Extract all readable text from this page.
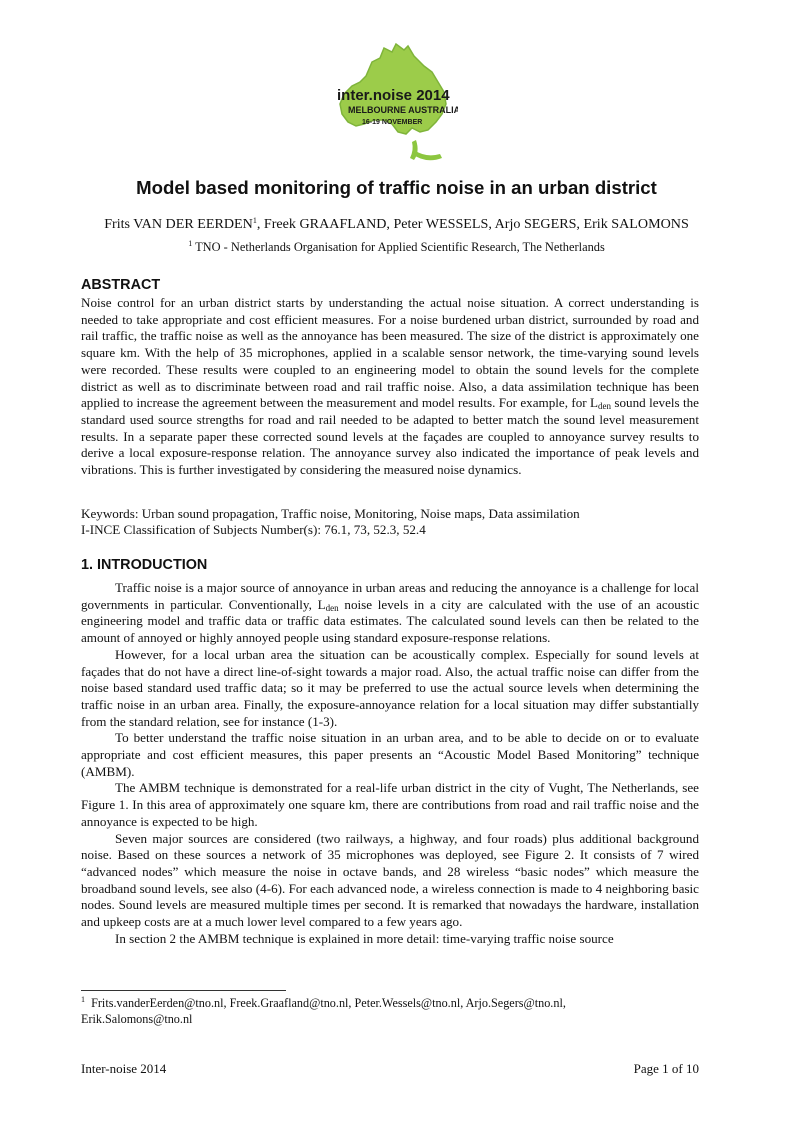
inter.noise 2014
MELBOURNE AUSTRALIA
16-19 NOVEMBER
Model based monitoring of traffic noise in an urban district
Frits VAN DER EERDEN$^1$, Freek GRAAFLAND, Peter WESSELS, Arjo SEGERS, Erik SALOMONS
$^1$ TNO - Netherlands Organisation for Applied Scientific Research, The Netherlands
ABSTRACT
Noise control for an urban district starts by understanding the actual noise situation. A correct understanding is needed to take appropriate and cost efficient measures. For a noise burdened urban district, surrounded by road and rail traffic, the traffic noise as well as the annoyance has been measured. The size of the district is approximately one square km. With the help of 35 microphones, applied in a scalable sensor network, the time-varying sound levels were recorded. These results were coupled to an engineering model to obtain the sound levels for the complete district as well as to discriminate between road and rail traffic noise. Also, a data assimilation technique has been applied to increase the agreement between the measurement and model results. For example, for $L_{den}$ sound levels the standard used source strengths for road and rail needed to be adapted to better match the sound level measurement results. In a separate paper these corrected sound levels at the façades are coupled to annoyance survey results to derive a local exposure-response relation. The annoyance survey also indicated the importance of peak levels and vibrations. This is further investigated by considering the measured noise dynamics.
Keywords: Urban sound propagation, Traffic noise, Monitoring, Noise maps, Data assimilation
I-INCE Classification of Subjects Number(s): 76.1, 73, 52.3, 52.4
1. INTRODUCTION

Traffic noise is a major source of annoyance in urban areas and reducing the annoyance is a challenge for local governments in particular. Conventionally, $L_{den}$ noise levels in a city are calculated with the use of an acoustic engineering model and traffic data or traffic data estimates. The calculated sound levels can then be related to the amount of annoyed or highly annoyed people using standard exposure-response relations.

However, for a local urban area the situation can be acoustically complex. Especially for sound levels at façades that do not have a direct line-of-sight towards a major road. Also, the actual traffic noise can differ from the noise based standard used traffic data; so it may be preferred to use the actual source levels when determining the traffic noise in an urban area. Finally, the exposure-annoyance relation for a local situation may differ substantially from the standard relation, see for instance (1-3).

To better understand the traffic noise situation in an urban area, and to be able to decide on or to evaluate appropriate and cost efficient measures, this paper presents an “Acoustic Model Based Monitoring” technique (AMBM).

The AMBM technique is demonstrated for a real-life urban district in the city of Vught, The Netherlands, see Figure 1. In this area of approximately one square km, there are contributions from road and rail traffic noise and the annoyance is expected to be high.

Seven major sources are considered (two railways, a highway, and four roads) plus additional background noise. Based on these sources a network of 35 microphones was deployed, see Figure 2. It consists of 7 wired “advanced nodes” which measure the noise in octave bands, and 28 wireless “basic nodes” which measure the broadband sound levels, see also (4-6). For each advanced node, a wireless connection is made to 4 neighboring basic nodes. Sound levels are measured multiple times per second. It is remarked that nowadays the hardware, installation and upkeep costs are at a much lower level compared to a few years ago.

In section 2 the AMBM technique is explained in more detail: time-varying traffic noise source

$^1$ Frits.vanderEerden@tno.nl, Freek.Graafland@tno.nl, Peter.Wessels@tno.nl, Arjo.Segers@tno.nl,
Erik.Salomons@tno.nl
Inter-noise 2014	Page 1 of 10
